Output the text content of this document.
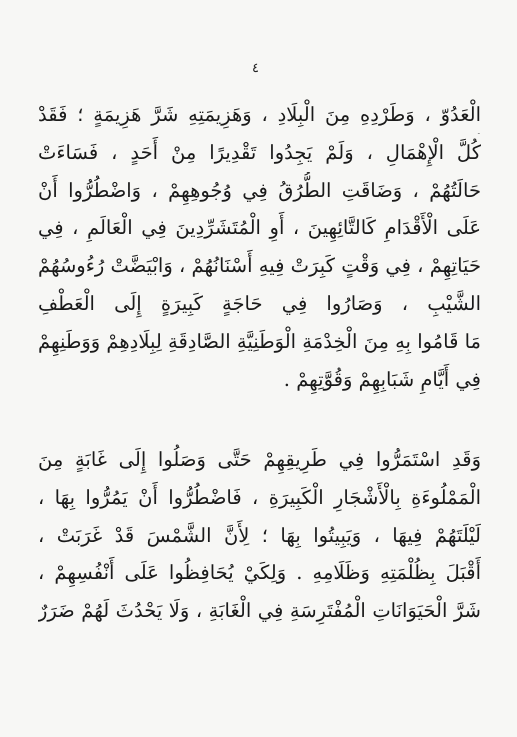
٤
الْعَدُوّ ، وَطَرْدِهِ مِنَ الْبِلَادِ ، وَهَزِيمَتِهِ شَرَّ هَزِيمَةٍ ؛ فَقَدْ
كُلَّ الْإِهْمَالِ ، وَلَمْ يَجِدُوا تَقْدِيرًا مِنْ أَحَدٍ ، فَسَاءَتْ
حَالَتُهُمْ ، وَضَاقَتِ الطُّرُقُ فِي وُجُوهِهِمْ ، وَاضْطُرُّوا أَنْ
عَلَى الْأَقْدَامِ كَالتَّائِهِينَ ، أَوِ الْمُتَشَرِّدِينَ فِي الْعَالَمِ ، فِي
حَيَاتِهِمْ ، فِي وَقْتٍ كَبِرَتْ فِيهِ أَسْنَانُهُمْ ، وَابْيَضَّتْ رُءُوسُهُمْ
الشَّيْبِ ، وَصَارُوا فِي حَاجَةٍ كَبِيرَةٍ إِلَى الْعَطْفِ
مَا قَامُوا بِهِ مِنَ الْخِدْمَةِ الْوَطَنِيَّةِ الصَّادِقَةِ لِبِلَادِهِمْ وَوَطَنِهِمْ
فِي أَيَّامِ شَبَابِهِمْ وَقُوَّتِهِمْ .
وَقَدِ اسْتَمَرُّوا فِي طَرِيقِهِمْ حَتَّى وَصَلُوا إِلَى غَابَةٍ مِنَ
الْمَمْلُوءَةِ بِالْأَشْجَارِ الْكَبِيرَةِ ، فَاضْطُرُّوا أَنْ يَمُرُّوا بِهَا ،
لَيْلَتَهُمْ فِيهَا ، وَيَبِيتُوا بِهَا ؛ لِأَنَّ الشَّمْسَ قَدْ غَرَبَتْ ،
أَقْبَلَ بِظُلْمَتِهِ وَظَلَامِهِ . وَلِكَيْ يُحَافِظُوا عَلَى أَنْفُسِهِمْ ،
شَرَّ الْحَيَوَانَاتِ الْمُفْتَرِسَةِ فِي الْغَابَةِ ، وَلَا يَحْدُثَ لَهُمْ ضَرَرٌ
